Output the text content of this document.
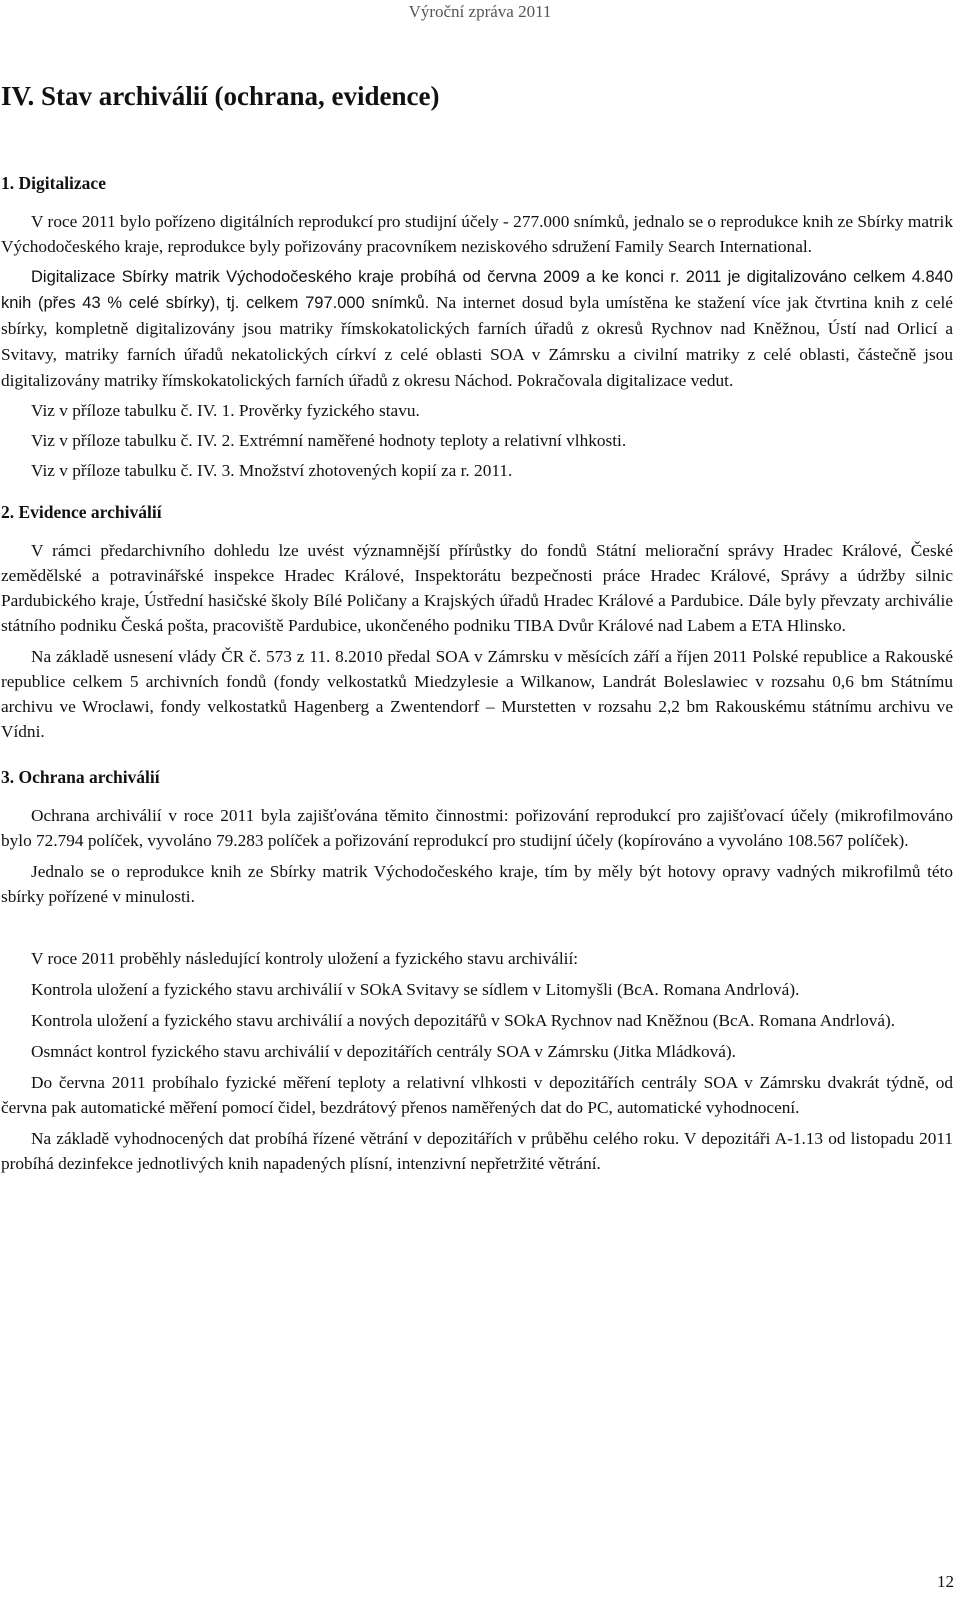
Výroční zpráva 2011
IV. Stav archiválií (ochrana, evidence)
1. Digitalizace

V roce 2011 bylo pořízeno digitálních reprodukcí pro studijní účely - 277.000 snímků, jednalo se o reprodukce knih ze Sbírky matrik Východočeského kraje, reprodukce byly pořizovány pracovníkem neziskového sdružení Family Search International.

Digitalizace Sbírky matrik Východočeského kraje probíhá od června 2009 a ke konci r. 2011 je digitalizováno celkem 4.840 knih (přes 43 % celé sbírky), tj. celkem 797.000 snímků. Na internet dosud byla umístěna ke stažení více jak čtvrtina knih z celé sbírky, kompletně digitalizovány jsou matriky římskokatolických farních úřadů z okresů Rychnov nad Kněžnou, Ústí nad Orlicí a Svitavy, matriky farních úřadů nekatolických církví z celé oblasti SOA v Zámrsku a civilní matriky z celé oblasti, částečně jsou digitalizovány matriky římskokatolických farních úřadů z okresu Náchod. Pokračovala digitalizace vedut.

Viz v příloze tabulku č. IV. 1. Prověrky fyzického stavu.

Viz v příloze tabulku č. IV. 2. Extrémní naměřené hodnoty teploty a relativní vlhkosti.

Viz v příloze tabulku č. IV. 3. Množství zhotovených kopií za r. 2011.

2. Evidence archiválií

V rámci předarchivního dohledu lze uvést významnější přírůstky do fondů Státní meliorační správy Hradec Králové, České zemědělské a potravinářské inspekce Hradec Králové, Inspektorátu bezpečnosti práce Hradec Králové, Správy a údržby silnic Pardubického kraje, Ústřední hasičské školy Bílé Poličany a Krajských úřadů Hradec Králové a Pardubice. Dále byly převzaty archiválie státního podniku Česká pošta, pracoviště Pardubice, ukončeného podniku TIBA Dvůr Králové nad Labem a ETA Hlinsko.

Na základě usnesení vlády ČR č. 573 z 11. 8.2010 předal SOA v Zámrsku v měsících září a říjen 2011 Polské republice a Rakouské republice celkem 5 archivních fondů (fondy velkostatků Miedzylesie a Wilkanow, Landrát Boleslawiec v rozsahu 0,6 bm Státnímu archivu ve Wroclawi, fondy velkostatků Hagenberg a Zwentendorf – Murstetten v rozsahu 2,2 bm Rakouskému státnímu archivu ve Vídni.

3. Ochrana archiválií

Ochrana archiválií v roce 2011 byla zajišťována těmito činnostmi: pořizování reprodukcí pro zajišťovací účely (mikrofilmováno bylo 72.794 políček, vyvoláno 79.283 políček a pořizování reprodukcí pro studijní účely (kopírováno a vyvoláno 108.567 políček).

Jednalo se o reprodukce knih ze Sbírky matrik Východočeského kraje, tím by měly být hotovy opravy vadných mikrofilmů této sbírky pořízené v minulosti.

V roce 2011 proběhly následující kontroly uložení a fyzického stavu archiválií:

Kontrola uložení a fyzického stavu archiválií v SOkA Svitavy se sídlem v Litomyšli (BcA. Romana Andrlová).

Kontrola uložení a fyzického stavu archiválií a nových depozitářů v SOkA Rychnov nad Kněžnou (BcA. Romana Andrlová).

Osmnáct kontrol fyzického stavu archiválií v depozitářích centrály SOA v Zámrsku (Jitka Mládková).

Do června 2011 probíhalo fyzické měření teploty a relativní vlhkosti v depozitářích centrály SOA v Zámrsku dvakrát týdně, od června pak automatické měření pomocí čidel, bezdrátový přenos naměřených dat do PC, automatické vyhodnocení.

Na základě vyhodnocených dat probíhá řízené větrání v depozitářích v průběhu celého roku. V depozitáři A-1.13 od listopadu 2011 probíhá dezinfekce jednotlivých knih napadených plísní, intenzivní nepřetržité větrání.

12
